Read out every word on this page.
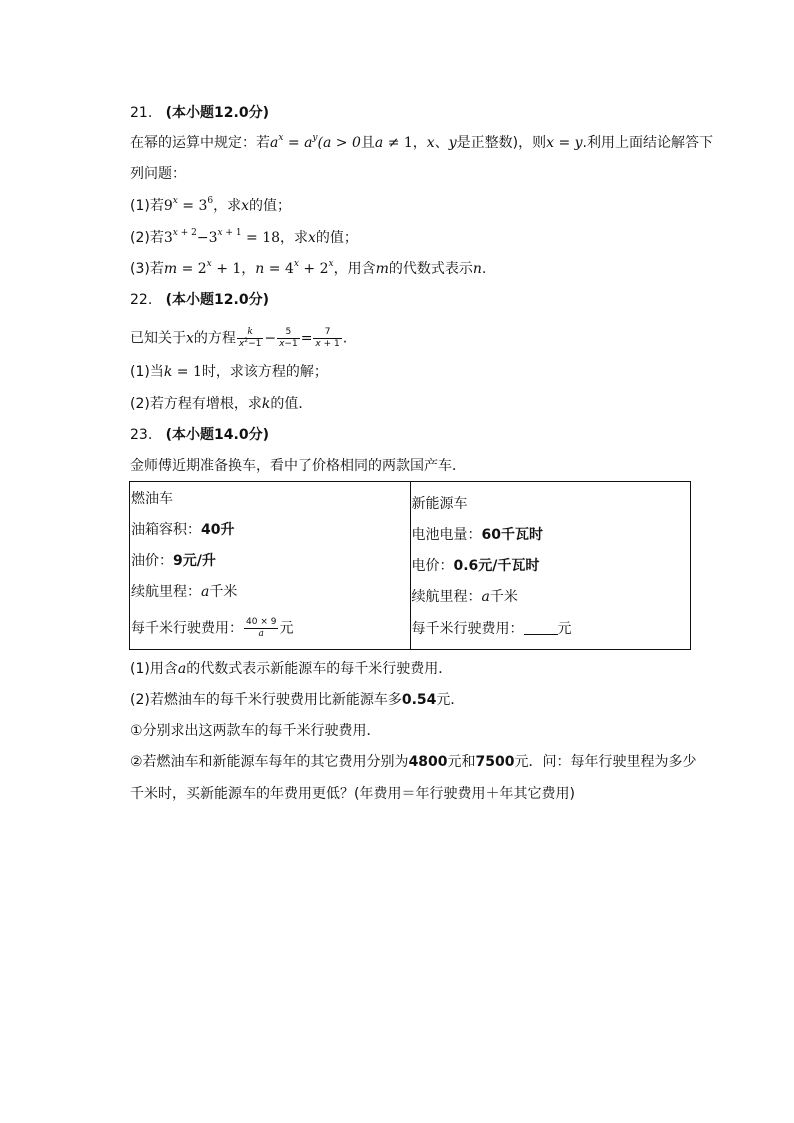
21. (本小题12.0分)
在幂的运算中规定：若$a^x = a^y(a > 0$且a ≠ 1，x、y是正整数)，则x = y.利用上面结论解答下
列问题：
(1)若$9^x = 3^6$，求x的值；
(2)若$3^{x + 2}-3^{x + 1} = 18$，求x的值；
(3)若$m = 2^x + 1$，$n = 4^x + 2^x$，用含m的代数式表示n.
22. (本小题12.0分)
已知关于x的方程 $\frac{k}{x^2-1} - \frac{5}{x-1} = \frac{7}{x + 1}$ .
(1)当k = 1时，求该方程的解；
(2)若方程有增根，求k的值．
23. (本小题14.0分)
金师傅近期准备换车，看中了价格相同的两款国产车．
燃油车
油箱容积：40升
油价：9元/升
续航里程：a千米
每千米行驶费用： $\frac{40 \times 9}{a}$ 元

新能源车
电池电量：60千瓦时
电价：0.6元/千瓦时
续航里程：a千米
每千米行驶费用： 元
(1)用含a的代数式表示新能源车的每千米行驶费用．
(2)若燃油车的每千米行驶费用比新能源车多0.54元．
①分别求出这两款车的每千米行驶费用．
②若燃油车和新能源车每年的其它费用分别为4800元和7500元．问：每年行驶里程为多少
千米时，买新能源车的年费用更低？(年费用＝年行驶费用＋年其它费用)
